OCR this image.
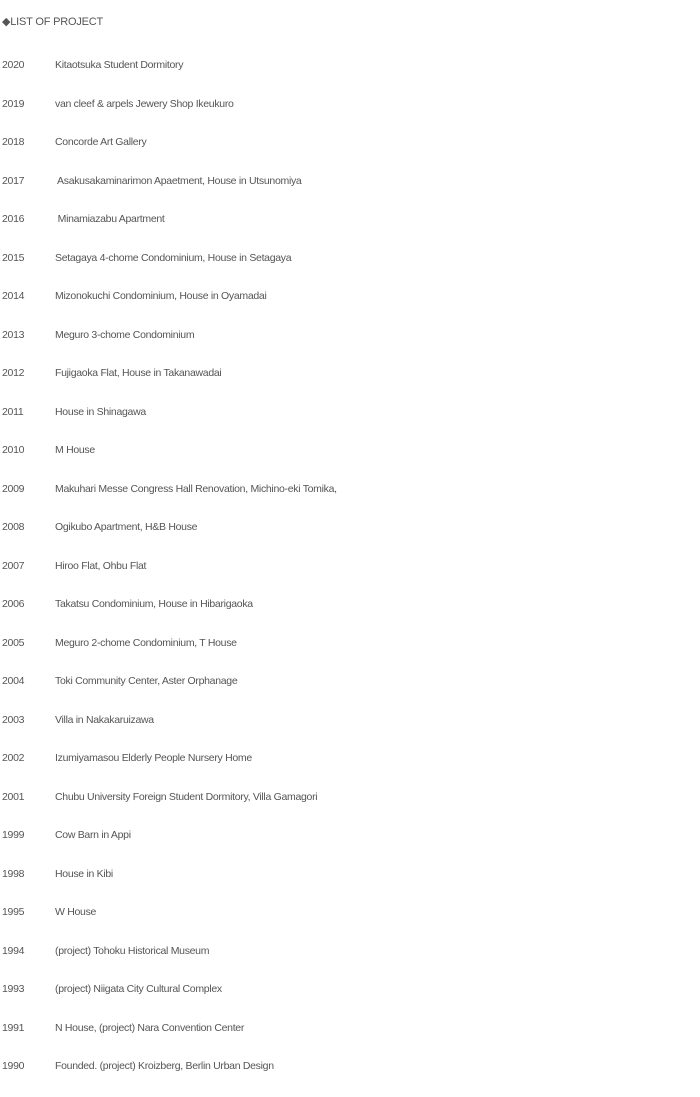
◆LIST OF PROJECT
2020	Kitaotsuka Student Dormitory
2019	van cleef & arpels Jewery Shop Ikeukuro
2018	Concorde Art Gallery
2017	Asakusakaminarimon Apaetment, House in Utsunomiya
2016	Minamiazabu Apartment
2015	Setagaya 4-chome Condominium, House in Setagaya
2014	Mizonokuchi Condominium, House in Oyamadai
2013	Meguro 3-chome Condominium
2012	Fujigaoka Flat, House in Takanawadai
2011	House in Shinagawa
2010	M House
2009	Makuhari Messe Congress Hall Renovation, Michino-eki Tomika,
2008	Ogikubo Apartment, H&B House
2007	Hiroo Flat, Ohbu Flat
2006	Takatsu Condominium, House in Hibarigaoka
2005	Meguro 2-chome Condominium, T House
2004	Toki Community Center, Aster Orphanage
2003	Villa in Nakakaruizawa
2002	Izumiyamasou Elderly People Nursery Home
2001	Chubu University Foreign Student Dormitory, Villa Gamagori
1999	Cow Barn in Appi
1998	House in Kibi
1995	W House
1994	(project) Tohoku Historical Museum
1993	(project) Niigata City Cultural Complex
1991	N House, (project) Nara Convention Center
1990	Founded. (project) Kroizberg, Berlin Urban Design
